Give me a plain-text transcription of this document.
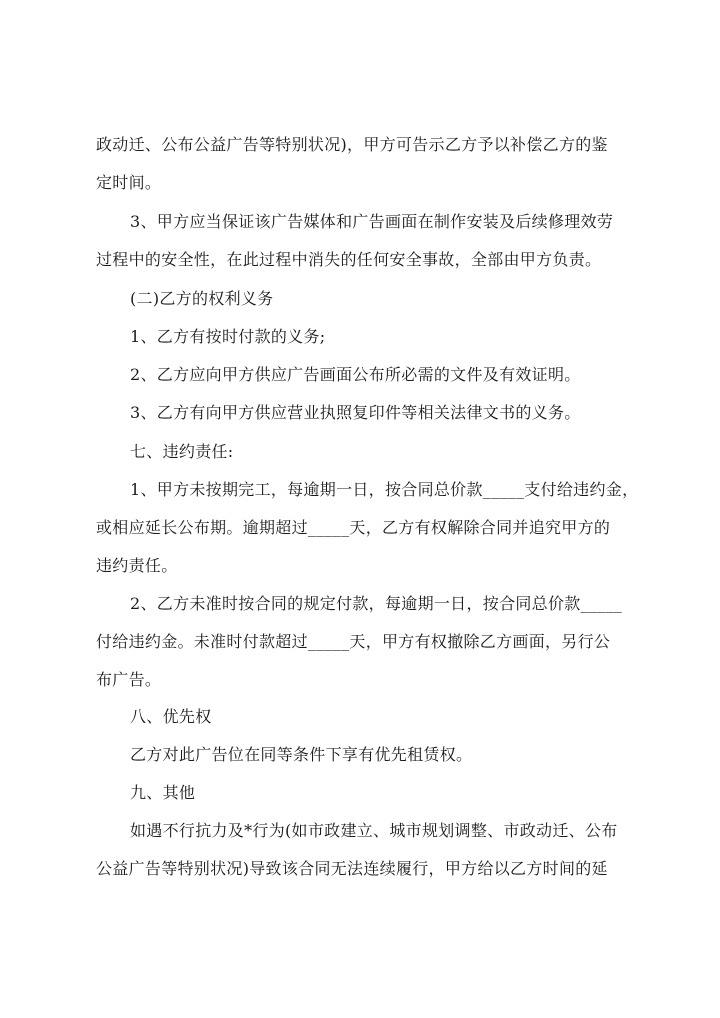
政动迁、公布公益广告等特别状况)，甲方可告示乙方予以补偿乙方的鉴
定时间。

3、甲方应当保证该广告媒体和广告画面在制作安装及后续修理效劳
过程中的安全性，在此过程中消失的任何安全事故，全部由甲方负责。

(二)乙方的权利义务

1、乙方有按时付款的义务;

2、乙方应向甲方供应广告画面公布所必需的文件及有效证明。

3、乙方有向甲方供应营业执照复印件等相关法律文书的义务。

七、违约责任:

1、甲方未按期完工，每逾期一日，按合同总价款_____支付给违约金，
或相应延长公布期。逾期超过_____天，乙方有权解除合同并追究甲方的
违约责任。

2、乙方未准时按合同的规定付款，每逾期一日，按合同总价款_____
付给违约金。未准时付款超过_____天，甲方有权撤除乙方画面，另行公
布广告。

八、优先权

乙方对此广告位在同等条件下享有优先租赁权。

九、其他

如遇不行抗力及*行为(如市政建立、城市规划调整、市政动迁、公布
公益广告等特别状况)导致该合同无法连续履行，甲方给以乙方时间的延
